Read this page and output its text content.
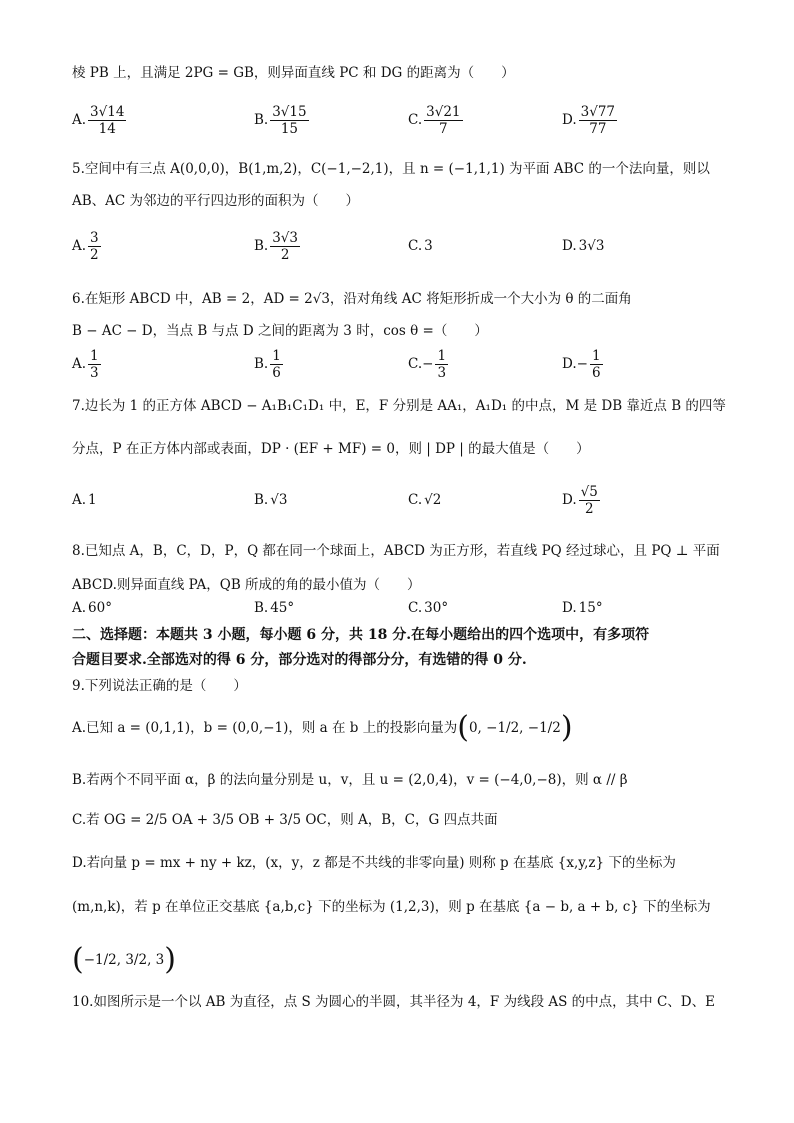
棱 PB 上，且满足 2PG = GB，则异面直线 PC 和 DG 的距离为（　　）
A. $\frac{3√14}{14}$	B. $\frac{3√15}{15}$	C. $\frac{3√21}{7}$	D. $\frac{3√77}{77}$
5.空间中有三点 A(0,0,0)，B(1,m,2)，C(−1,−2,1)，且 n = (−1,1,1) 为平面 ABC 的一个法向量，则以
AB、AC 为邻边的平行四边形的面积为（　　）
A. $\frac{3}{2}$	B. $\frac{3√3}{2}$	C. 3	D. 3√3
6.在矩形 ABCD 中，AB = 2，AD = 2√3，沿对角线 AC 将矩形折成一个大小为 θ 的二面角
B − AC − D，当点 B 与点 D 之间的距离为 3 时，cos θ =（　　）
A. $\frac{1}{3}$	B. $\frac{1}{6}$	$C.- \frac{1}{3}$	$D.- \frac{1}{6}$
7.边长为 1 的正方体 ABCD − A₁B₁C₁D₁ 中，E，F 分别是 AA₁，A₁D₁ 的中点，M 是 DB 靠近点 B 的四等
分点，P 在正方体内部或表面，DP · (EF + MF) = 0，则 | DP | 的最大值是（　　）
A. 1	B. √3	C. √2	D. $\frac{√5}{2}$
8.已知点 A，B，C，D，P，Q 都在同一个球面上，ABCD 为正方形，若直线 PQ 经过球心，且 PQ ⊥ 平面
ABCD.则异面直线 PA，QB 所成的角的最小值为（　　）
A. 60°	B. 45°	C. 30°	D. 15°
二、选择题：本题共 3 小题，每小题 6 分，共 18 分.在每小题给出的四个选项中，有多项符
合题目要求.全部选对的得 6 分，部分选对的得部分分，有选错的得 0 分.
9.下列说法正确的是（　　）
A.已知 a = (0,1,1)，b = (0,0,−1)，则 a 在 b 上的投影向量为 ( 0, −1/2, −1/2 )
B.若两个不同平面 α，β 的法向量分别是 u，v，且 u = (2,0,4)，v = (−4,0,−8)，则 α // β
C.若 OG = 2/5 OA + 3/5 OB + 3/5 OC，则 A，B，C，G 四点共面
D.若向量 p = mx + ny + kz，(x，y，z 都是不共线的非零向量) 则称 p 在基底 {x,y,z} 下的坐标为
(m,n,k)，若 p 在单位正交基底 {a,b,c} 下的坐标为 (1,2,3)，则 p 在基底 {a − b, a + b, c} 下的坐标为
( −1/2, 3/2, 3 )
10.如图所示是一个以 AB 为直径，点 S 为圆心的半圆，其半径为 4，F 为线段 AS 的中点，其中 C、D、E
